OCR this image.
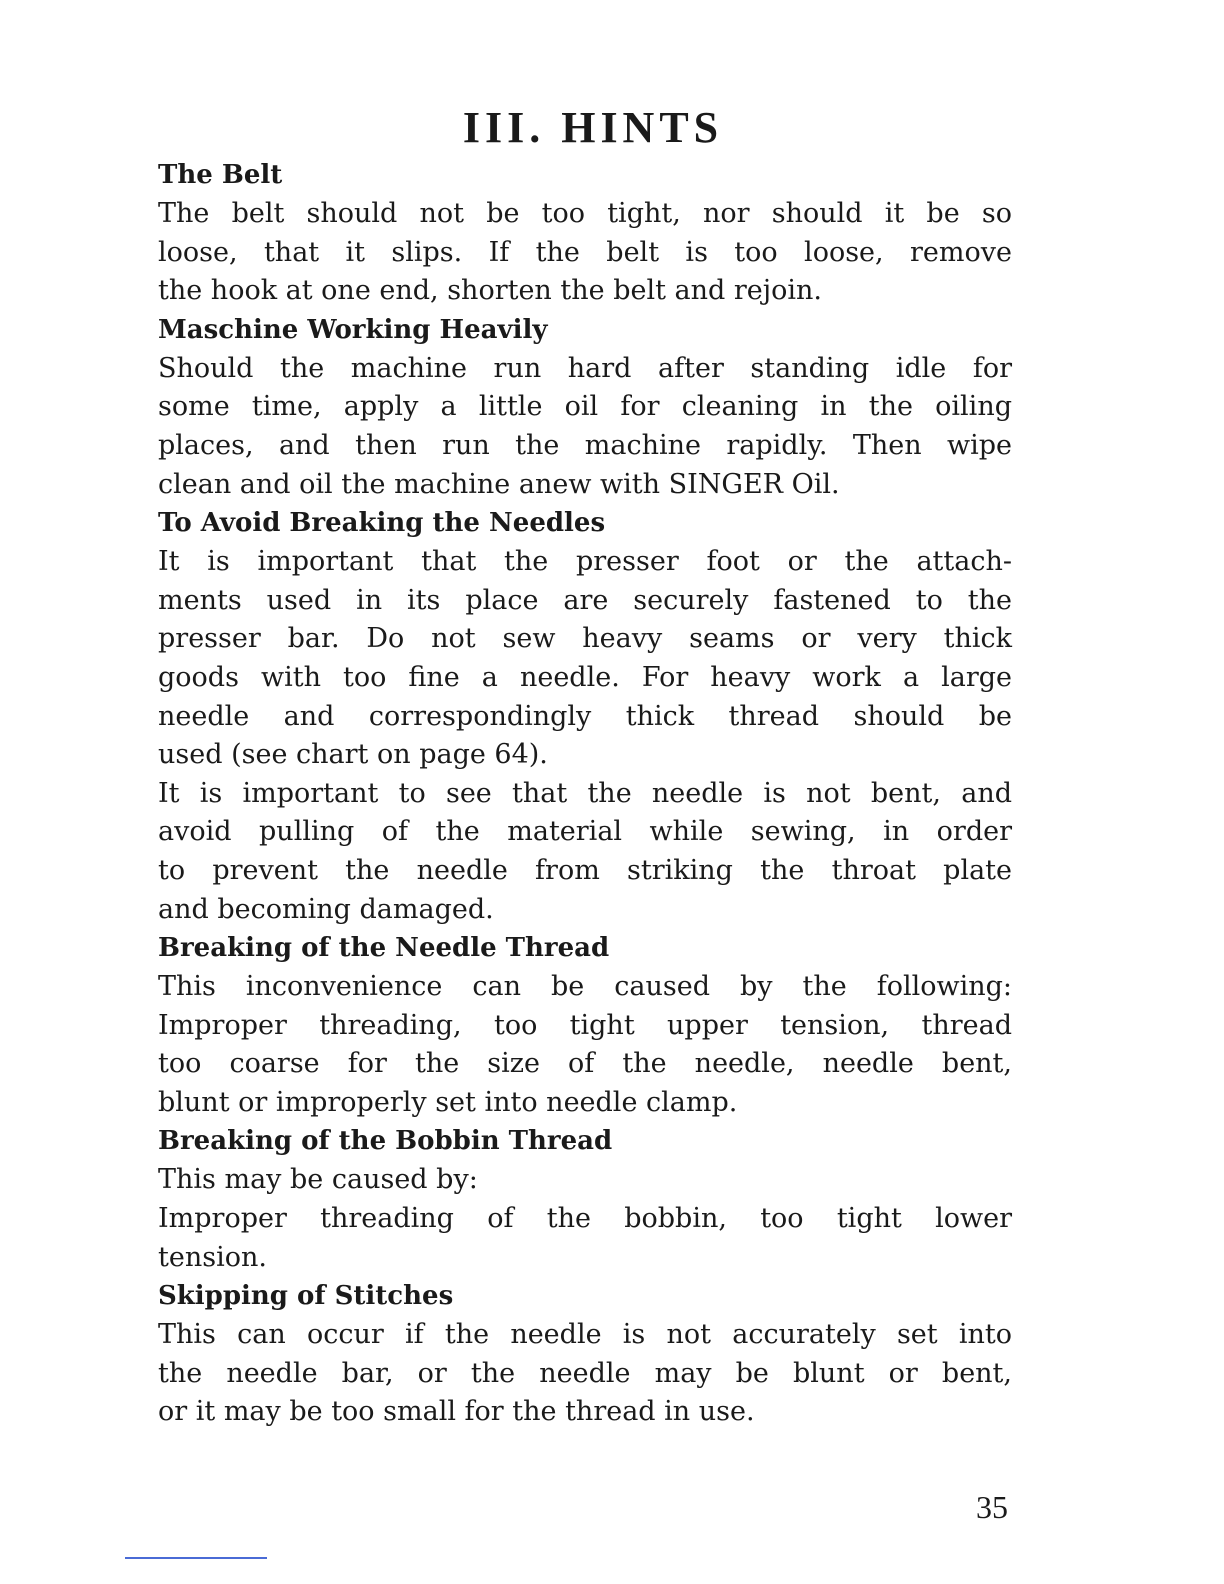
III. HINTS
The Belt
The belt should not be too tight, nor should it be so
loose, that it slips. If the belt is too loose, remove
the hook at one end, shorten the belt and rejoin.
Maschine Working Heavily
Should the machine run hard after standing idle for
some time, apply a little oil for cleaning in the oiling
places, and then run the machine rapidly. Then wipe
clean and oil the machine anew with SINGER Oil.
To Avoid Breaking the Needles
It is important that the presser foot or the attach-
ments used in its place are securely fastened to the
presser bar. Do not sew heavy seams or very thick
goods with too fine a needle. For heavy work a large
needle and correspondingly thick thread should be
used (see chart on page 64).
It is important to see that the needle is not bent, and
avoid pulling of the material while sewing, in order
to prevent the needle from striking the throat plate
and becoming damaged.
Breaking of the Needle Thread
This inconvenience can be caused by the following:
Improper threading, too tight upper tension, thread
too coarse for the size of the needle, needle bent,
blunt or improperly set into needle clamp.
Breaking of the Bobbin Thread
This may be caused by:
Improper threading of the bobbin, too tight lower
tension.
Skipping of Stitches
This can occur if the needle is not accurately set into
the needle bar, or the needle may be blunt or bent,
or it may be too small for the thread in use.
35
